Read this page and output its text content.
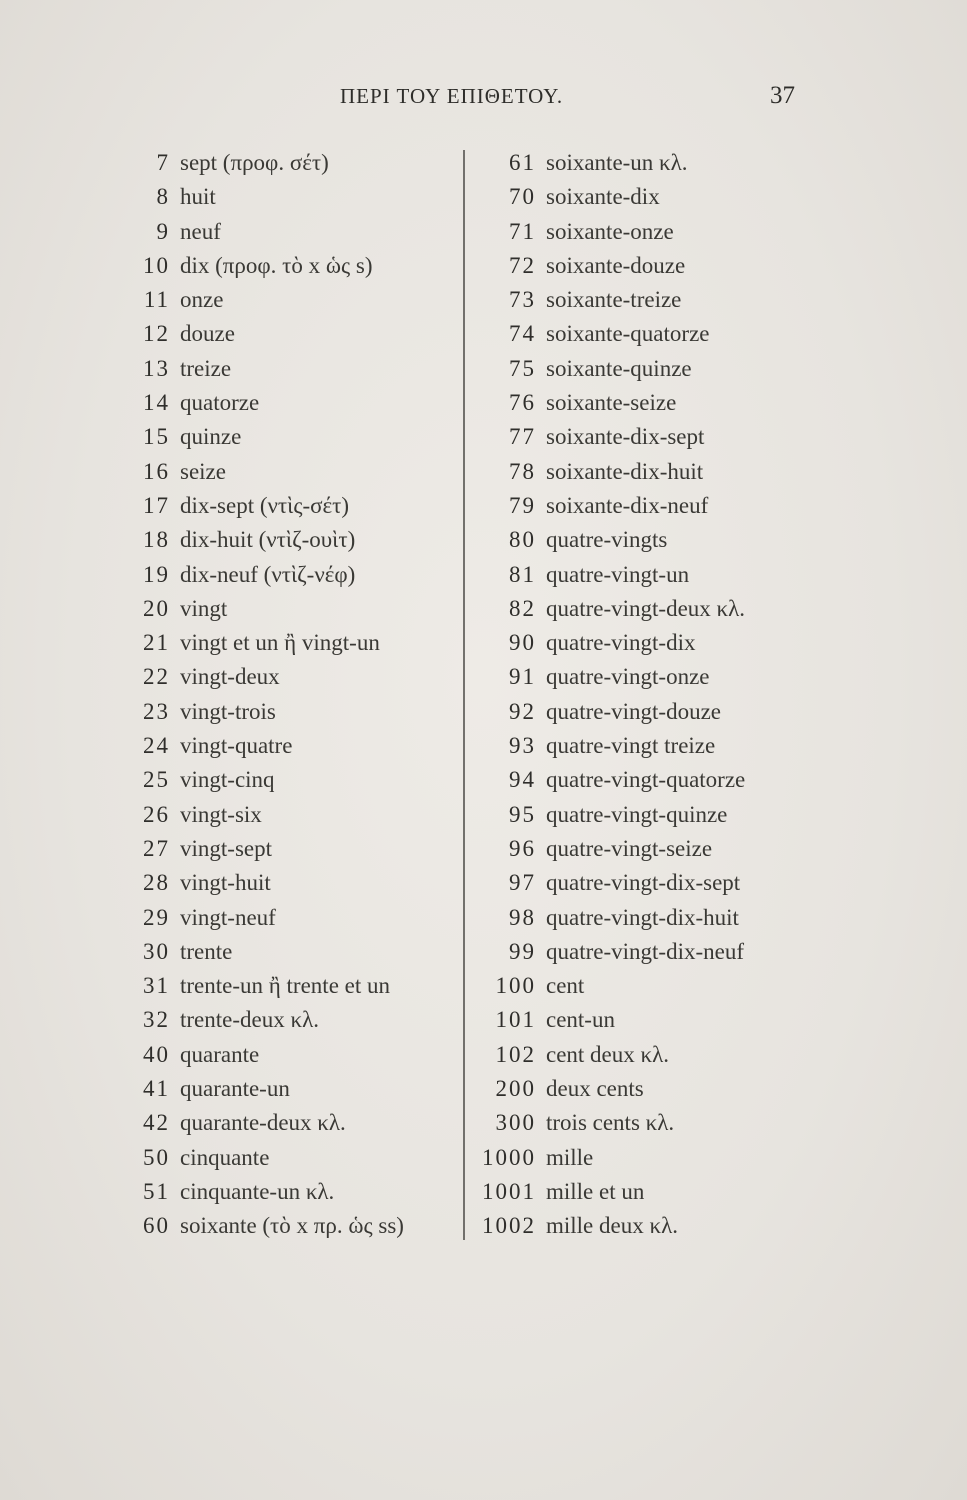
ΠΕΡΙ ΤΟΥ ΕΠΙΘΕΤΟΥ.	37
7 sept (προφ. σέτ)
8 huit
9 neuf
10 dix (προφ. τὸ x ὡς s)
11 onze
12 douze
13 treize
14 quatorze
15 quinze
16 seize
17 dix-sept (ντὶς-σέτ)
18 dix-huit (ντὶζ-ουὶτ)
19 dix-neuf (ντὶζ-νέφ)
20 vingt
21 vingt et un ἢ vingt-un
22 vingt-deux
23 vingt-trois
24 vingt-quatre
25 vingt-cinq
26 vingt-six
27 vingt-sept
28 vingt-huit
29 vingt-neuf
30 trente
31 trente-un ἢ trente et un
32 trente-deux κλ.
40 quarante
41 quarante-un
42 quarante-deux κλ.
50 cinquante
51 cinquante-un κλ.
60 soixante (τὸ x πρ. ὡς ss)
61 soixante-un κλ.
70 soixante-dix
71 soixante-onze
72 soixante-douze
73 soixante-treize
74 soixante-quatorze
75 soixante-quinze
76 soixante-seize
77 soixante-dix-sept
78 soixante-dix-huit
79 soixante-dix-neuf
80 quatre-vingts
81 quatre-vingt-un
82 quatre-vingt-deux κλ.
90 quatre-vingt-dix
91 quatre-vingt-onze
92 quatre-vingt-douze
93 quatre-vingt treize
94 quatre-vingt-quatorze
95 quatre-vingt-quinze
96 quatre-vingt-seize
97 quatre-vingt-dix-sept
98 quatre-vingt-dix-huit
99 quatre-vingt-dix-neuf
100 cent
101 cent-un
102 cent deux κλ.
200 deux cents
300 trois cents κλ.
1000 mille
1001 mille et un
1002 mille deux κλ.
